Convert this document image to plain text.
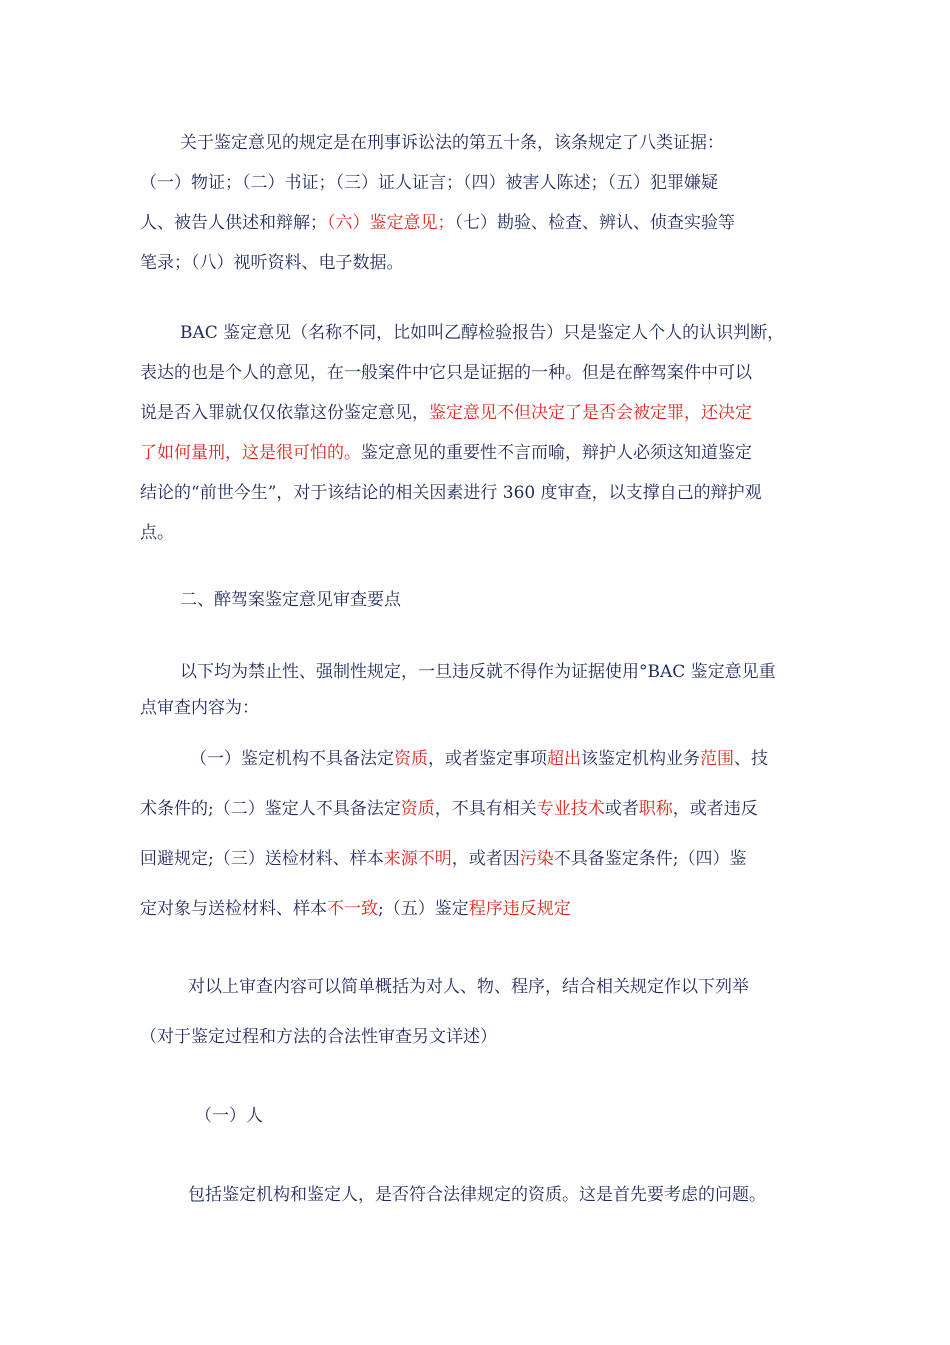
关于鉴定意见的规定是在刑事诉讼法的第五十条，该条规定了八类证据：
（一）物证；（二）书证；（三）证人证言；（四）被害人陈述；（五）犯罪嫌疑
人、被告人供述和辩解；（六）鉴定意见；（七）勘验、检查、辨认、侦查实验等
笔录；（八）视听资料、电子数据。
BAC 鉴定意见（名称不同，比如叫乙醇检验报告）只是鉴定人个人的认识判断，
表达的也是个人的意见，在一般案件中它只是证据的一种。但是在醉驾案件中可以
说是否入罪就仅仅依靠这份鉴定意见，鉴定意见不但决定了是否会被定罪，还决定
了如何量刑，这是很可怕的。鉴定意见的重要性不言而喻，辩护人必须这知道鉴定
结论的“前世今生”，对于该结论的相关因素进行 360 度审查，以支撑自己的辩护观
点。
二、醉驾案鉴定意见审查要点
以下均为禁止性、强制性规定，一旦违反就不得作为证据使用°BAC 鉴定意见重
点审查内容为：
（一）鉴定机构不具备法定资质，或者鉴定事项超出该鉴定机构业务范围、技
术条件的;（二）鉴定人不具备法定资质，不具有相关专业技术或者职称，或者违反
回避规定;（三）送检材料、样本来源不明，或者因污染不具备鉴定条件;（四）鉴
定对象与送检材料、样本不一致;（五）鉴定程序违反规定
对以上审查内容可以简单概括为对人、物、程序，结合相关规定作以下列举
（对于鉴定过程和方法的合法性审查另文详述）
（一）人
包括鉴定机构和鉴定人，是否符合法律规定的资质。这是首先要考虑的问题。
